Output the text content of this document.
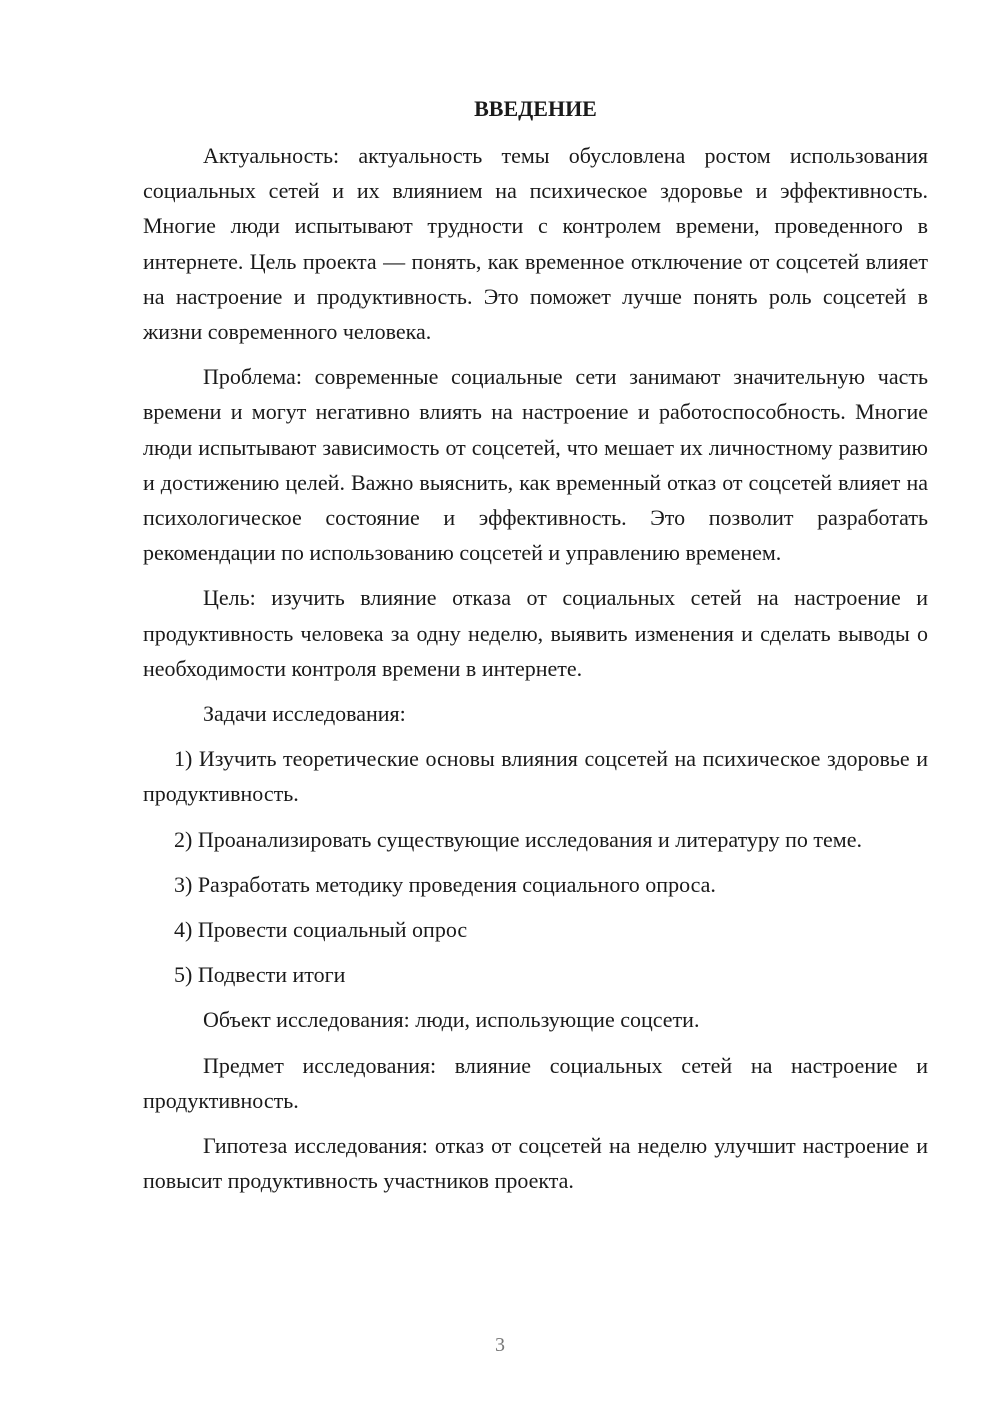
ВВЕДЕНИЕ

Актуальность: актуальность темы обусловлена ростом использования социальных сетей и их влиянием на психическое здоровье и эффективность. Многие люди испытывают трудности с контролем времени, проведенного в интернете. Цель проекта — понять, как временное отключение от соцсетей влияет на настроение и продуктивность. Это поможет лучше понять роль соцсетей в жизни современного человека.

Проблема: современные социальные сети занимают значительную часть времени и могут негативно влиять на настроение и работоспособность. Многие люди испытывают зависимость от соцсетей, что мешает их личностному развитию и достижению целей. Важно выяснить, как временный отказ от соцсетей влияет на психологическое состояние и эффективность. Это позволит разработать рекомендации по использованию соцсетей и управлению временем.

Цель: изучить влияние отказа от социальных сетей на настроение и продуктивность человека за одну неделю, выявить изменения и сделать выводы о необходимости контроля времени в интернете.

Задачи исследования:

1) Изучить теоретические основы влияния соцсетей на психическое здоровье и продуктивность.

2) Проанализировать существующие исследования и литературу по теме.

3) Разработать методику проведения социального опроса.

4) Провести социальный опрос

5) Подвести итоги

Объект исследования: люди, использующие соцсети.

Предмет исследования: влияние социальных сетей на настроение и продуктивность.

Гипотеза исследования: отказ от соцсетей на неделю улучшит настроение и повысит продуктивность участников проекта.

3
